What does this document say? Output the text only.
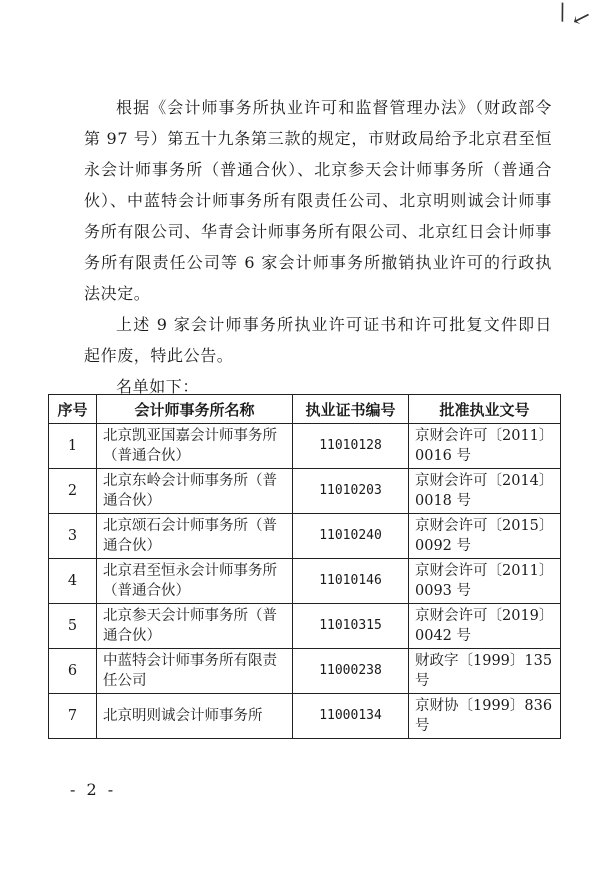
\ ↙

根据《会计师事务所执业许可和监督管理办法》（财政部令第 97 号）第五十九条第三款的规定，市财政局给予北京君至恒永会计师事务所（普通合伙）、北京参天会计师事务所（普通合伙）、中蓝特会计师事务所有限责任公司、北京明则诚会计师事务所有限公司、华青会计师事务所有限公司、北京红日会计师事务所有限责任公司等 6 家会计师事务所撤销执业许可的行政执法决定。

上述 9 家会计师事务所执业许可证书和许可批复文件即日起作废，特此公告。

名单如下：

序号	会计师事务所名称	执业证书编号	批准执业文号
1	北京凯亚国嘉会计师事务所（普通合伙）	11010128	京财会许可〔2011〕0016 号
2	北京东岭会计师事务所（普通合伙）	11010203	京财会许可〔2014〕0018 号
3	北京颂石会计师事务所（普通合伙）	11010240	京财会许可〔2015〕0092 号
4	北京君至恒永会计师事务所（普通合伙）	11010146	京财会许可〔2011〕0093 号
5	北京参天会计师事务所（普通合伙）	11010315	京财会许可〔2019〕0042 号
6	中蓝特会计师事务所有限责任公司	11000238	财政字〔1999〕135 号
7	北京明则诚会计师事务所	11000134	京财协〔1999〕836 号
- 2 -
